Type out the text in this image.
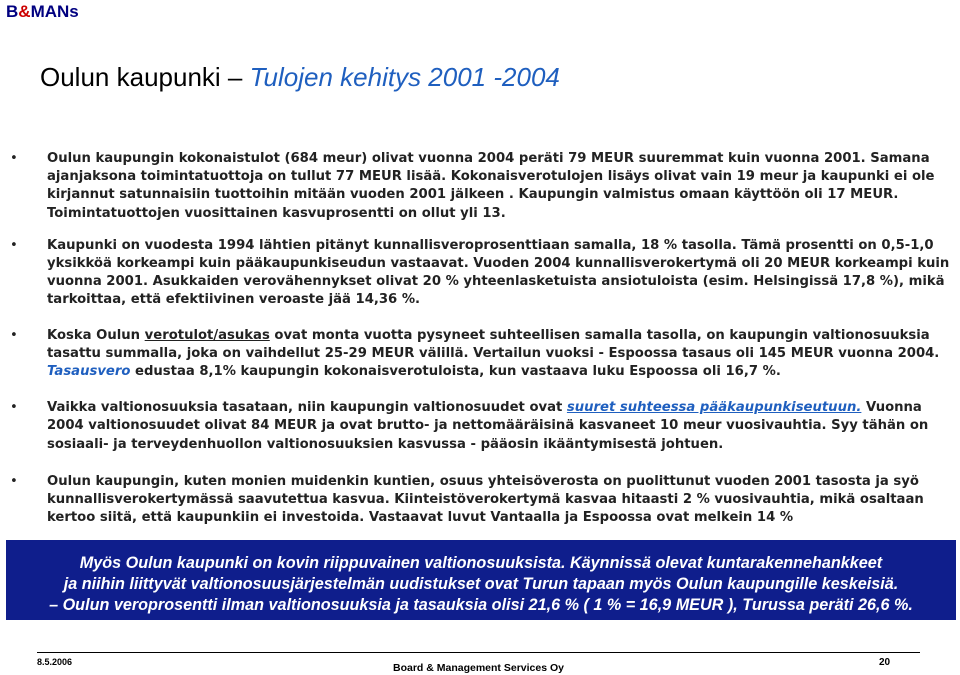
B&MANs
Oulun kaupunki – Tulojen kehitys 2001 -2004
• Oulun kaupungin kokonaistulot (684 meur) olivat vuonna 2004 peräti 79 MEUR suuremmat kuin vuonna 2001. Samana ajanjaksona toimintatuottoja on tullut 77 MEUR lisää. Kokonaisverotulojen lisäys olivat vain 19 meur ja kaupunki ei ole kirjannut satunnaisiin tuottoihin mitään vuoden 2001 jälkeen . Kaupungin valmistus omaan käyttöön oli 17 MEUR. Toimintatuottojen vuosittainen kasvuprosentti on ollut yli 13.
• Kaupunki on vuodesta 1994 lähtien pitänyt kunnallisveroprosenttiaan samalla, 18 % tasolla. Tämä prosentti on 0,5-1,0 yksikköä korkeampi kuin pääkaupunkiseudun vastaavat. Vuoden 2004 kunnallisverokertymä oli 20 MEUR korkeampi kuin vuonna 2001. Asukkaiden verovähennykset olivat 20 % yhteenlasketuista ansiotuloista (esim. Helsingissä 17,8 %), mikä tarkoittaa, että efektiivinen veroaste jää 14,36 %.
• Koska Oulun verotulot/asukas ovat monta vuotta pysyneet suhteellisen samalla tasolla, on kaupungin valtionosuuksia tasattu summalla, joka on vaihdellut 25-29 MEUR välillä. Vertailun vuoksi - Espoossa tasaus oli 145 MEUR vuonna 2004. Tasausvero edustaa 8,1% kaupungin kokonaisverotuloista, kun vastaava luku Espoossa oli 16,7 %.
• Vaikka valtionosuuksia tasataan, niin kaupungin valtionosuudet ovat suuret suhteessa pääkaupunkiseutuun. Vuonna 2004 valtionosuudet olivat 84 MEUR ja ovat brutto- ja nettomääräisinä kasvaneet 10 meur vuosivauhtia. Syy tähän on sosiaali- ja terveydenhuollon valtionosuuksien kasvussa - pääosin ikääntymisestä johtuen.
• Oulun kaupungin, kuten monien muidenkin kuntien, osuus yhteisöverosta on puolittunut vuoden 2001 tasosta ja syö kunnallisverokertymässä saavutettua kasvua. Kiinteistöverokertymä kasvaa hitaasti 2 % vuosivauhtia, mikä osaltaan kertoo siitä, että kaupunkiin ei investoida. Vastaavat luvut Vantaalla ja Espoossa ovat melkein 14 %
Myös Oulun kaupunki on kovin riippuvainen valtionosuuksista. Käynnissä olevat kuntarakennehankkeet
ja niihin liittyvät valtionosuusjärjestelmän uudistukset ovat Turun tapaan myös Oulun kaupungille keskeisiä.
– Oulun veroprosentti ilman valtionosuuksia ja tasauksia olisi 21,6 % ( 1 % = 16,9 MEUR ), Turussa peräti 26,6 %.
8.5.2006	Board & Management Services Oy	20
